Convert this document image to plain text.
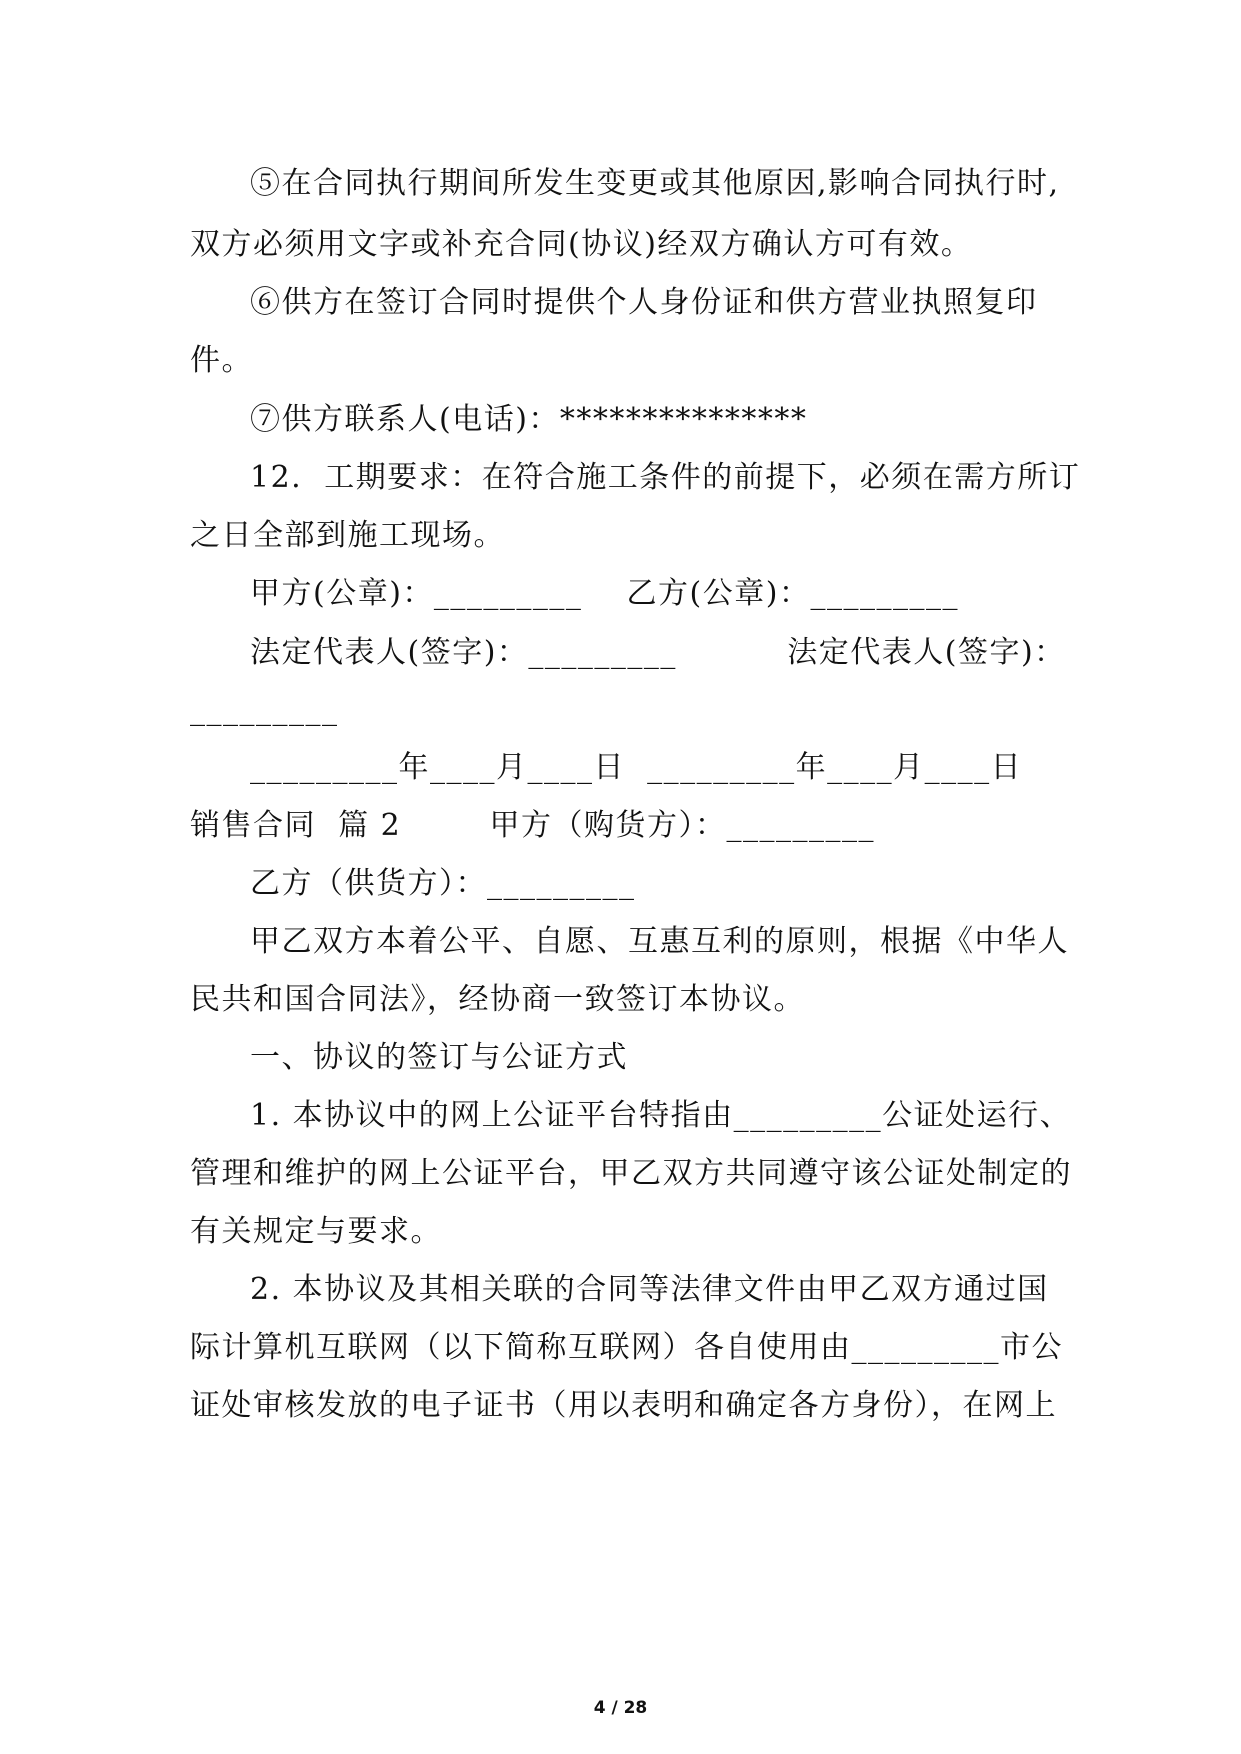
⑤在合同执行期间所发生变更或其他原因,影响合同执行时,
双方必须用文字或补充合同(协议)经双方确认方可有效。
⑥供方在签订合同时提供个人身份证和供方营业执照复印
件。
⑦供方联系人(电话)：***************
12.  工期要求：在符合施工条件的前提下，必须在需方所订
之日全部到施工现场。
甲方(公章)：_________    乙方(公章)：_________
法定代表人(签字)：_________          法定代表人(签字)：
_________
_________年____月____日  _________年____月____日
销售合同  篇 2        甲方（购货方）：_________
乙方（供货方）：_________
甲乙双方本着公平、自愿、互惠互利的原则，根据《中华人
民共和国合同法》，经协商一致签订本协议。
一、协议的签订与公证方式
1. 本协议中的网上公证平台特指由_________公证处运行、
管理和维护的网上公证平台，甲乙双方共同遵守该公证处制定的
有关规定与要求。
2. 本协议及其相关联的合同等法律文件由甲乙双方通过国
际计算机互联网（以下简称互联网）各自使用由_________市公
证处审核发放的电子证书（用以表明和确定各方身份），在网上
4 / 28
